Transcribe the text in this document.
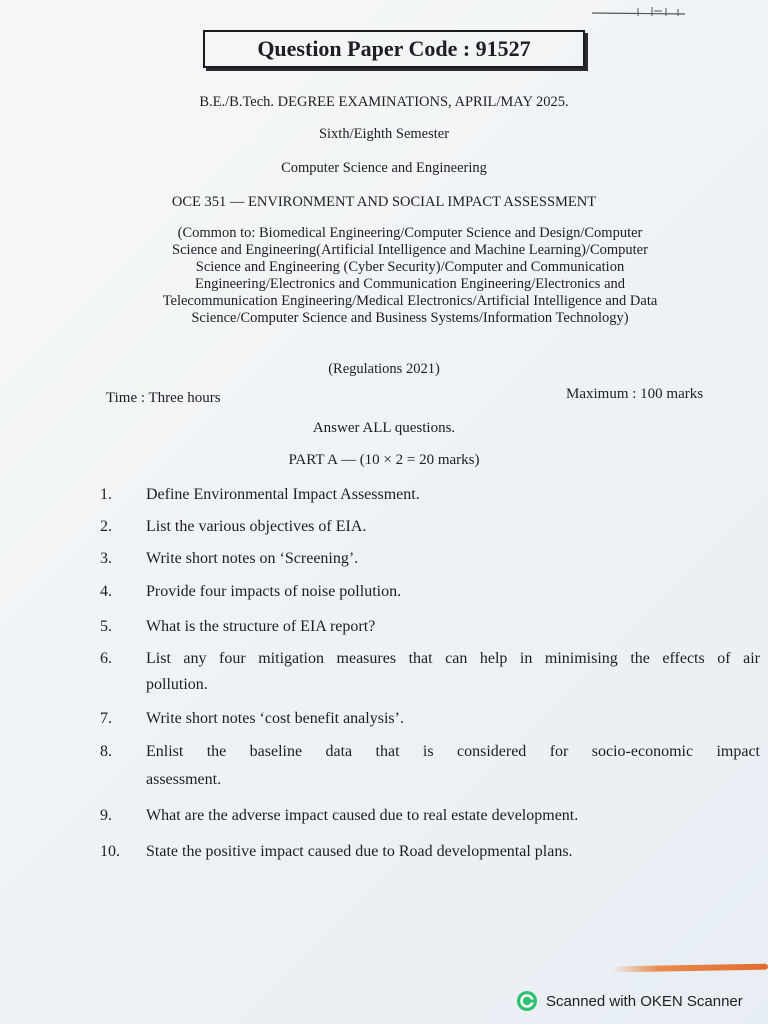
Question Paper Code : 91527
B.E./B.Tech. DEGREE EXAMINATIONS, APRIL/MAY 2025.
Sixth/Eighth Semester
Computer Science and Engineering
OCE 351 — ENVIRONMENT AND SOCIAL IMPACT ASSESSMENT
(Common to: Biomedical Engineering/Computer Science and Design/Computer
Science and Engineering(Artificial Intelligence and Machine Learning)/Computer
Science and Engineering (Cyber Security)/Computer and Communication
Engineering/Electronics and Communication Engineering/Electronics and
Telecommunication Engineering/Medical Electronics/Artificial Intelligence and Data
Science/Computer Science and Business Systems/Information Technology)
(Regulations 2021)
Time : Three hours	Maximum : 100 marks
Answer ALL questions.
PART A — (10 × 2 = 20 marks)
1.	Define Environmental Impact Assessment.
2.	List the various objectives of EIA.
3.	Write short notes on ‘Screening’.
4.	Provide four impacts of noise pollution.
5.	What is the structure of EIA report?
6.	List any four mitigation measures that can help in minimising the effects of air
pollution.
7.	Write short notes ‘cost benefit analysis’.
8.	Enlist the baseline data that is considered for socio-economic impact
assessment.
9.	What are the adverse impact caused due to real estate development.
10.	State the positive impact caused due to Road developmental plans.
Scanned with OKEN Scanner
